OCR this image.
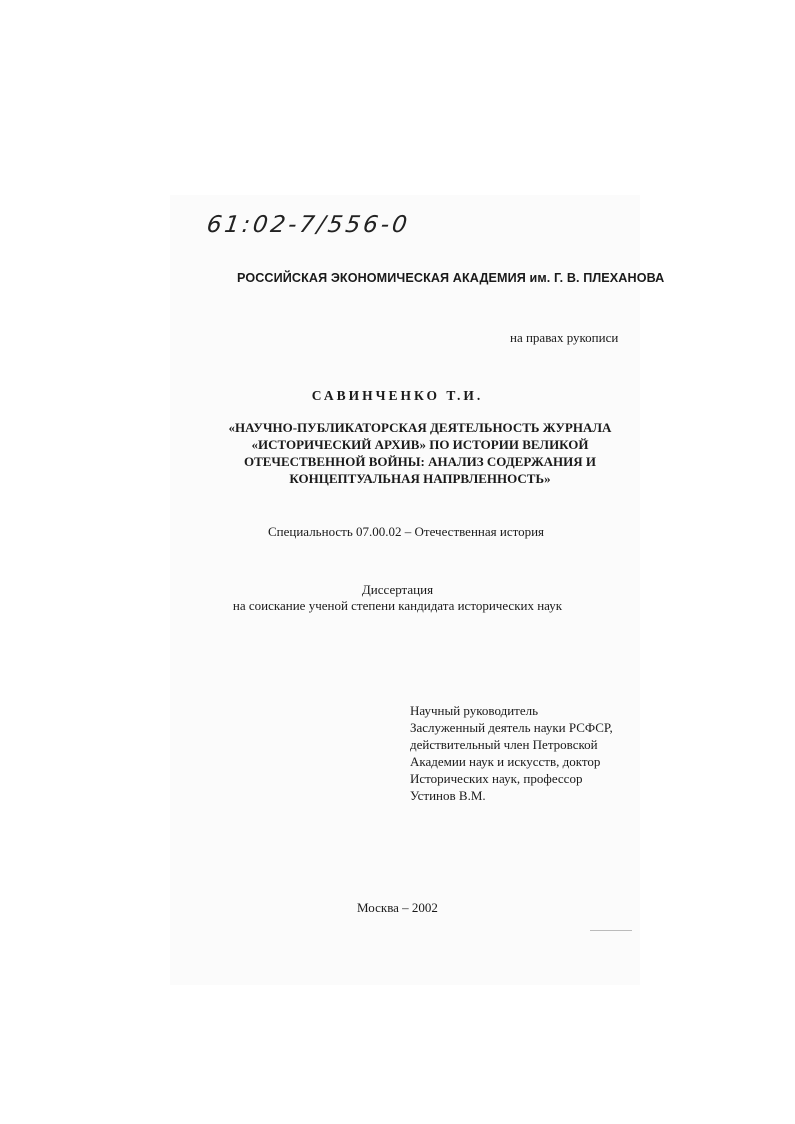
61:02-7/556-0
РОССИЙСКАЯ ЭКОНОМИЧЕСКАЯ АКАДЕМИЯ им. Г. В. ПЛЕХАНОВА
на правах рукописи
САВИНЧЕНКО Т.И.
«НАУЧНО-ПУБЛИКАТОРСКАЯ ДЕЯТЕЛЬНОСТЬ ЖУРНАЛА
«ИСТОРИЧЕСКИЙ АРХИВ» ПО ИСТОРИИ ВЕЛИКОЙ
ОТЕЧЕСТВЕННОЙ ВОЙНЫ: АНАЛИЗ СОДЕРЖАНИЯ И
КОНЦЕПТУАЛЬНАЯ НАПРВЛЕННОСТЬ»
Специальность 07.00.02 – Отечественная история
Диссертация
на соискание ученой степени кандидата исторических наук
Научный руководитель
Заслуженный деятель науки РСФСР,
действительный член Петровской
Академии наук и искусств, доктор
Исторических наук, профессор
Устинов В.М.
Москва – 2002
